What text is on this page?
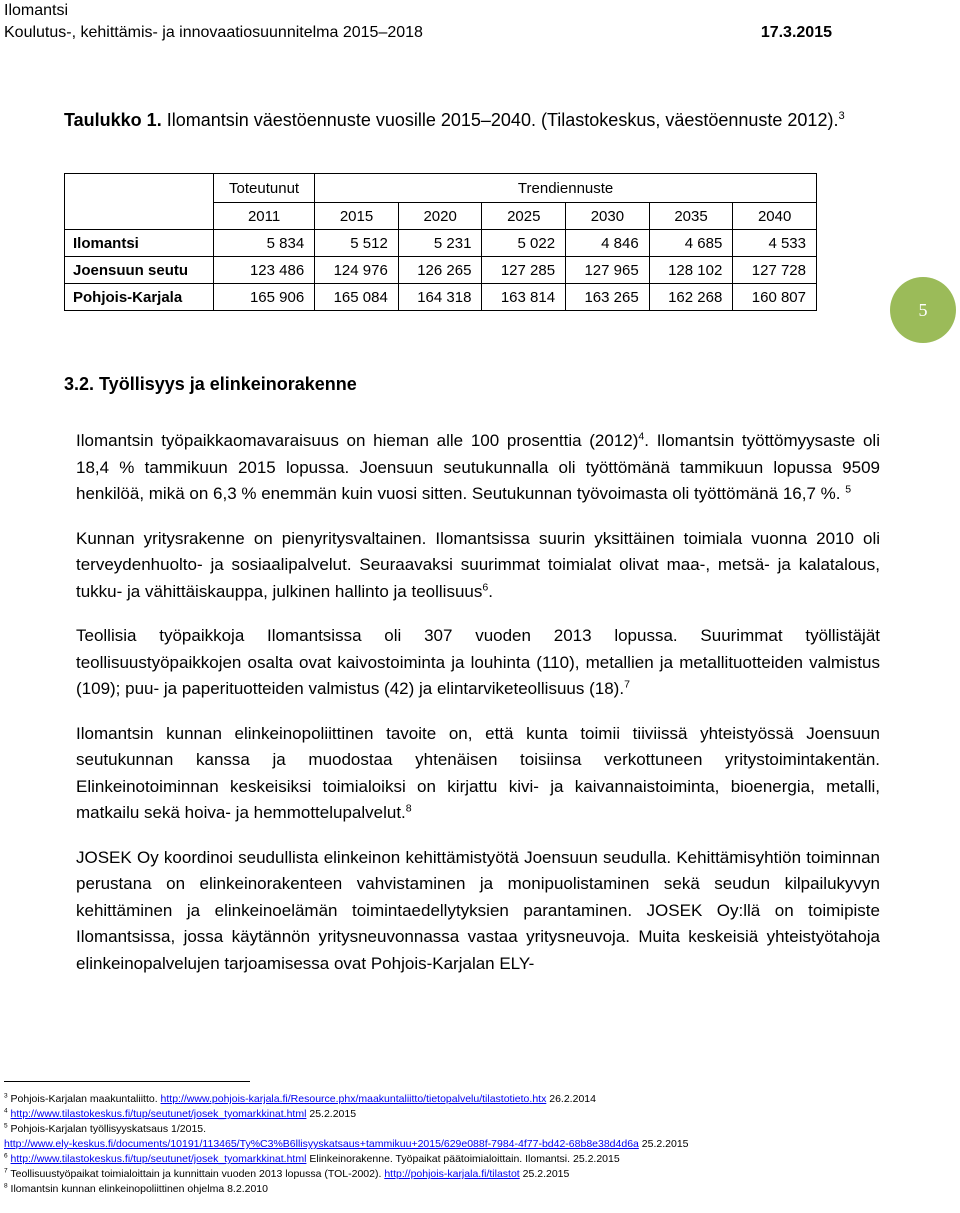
Ilomantsi
Koulutus-, kehittämis- ja innovaatiosuunnitelma 2015–2018	17.3.2015
Taulukko 1. Ilomantsin väestöennuste vuosille 2015–2040. (Tilastokeskus, väestöennuste 2012).$^3$
	Toteutunut	Trendiennuste					
	2011	2015	2020	2025	2030	2035	2040
Ilomantsi	5 834	5 512	5 231	5 022	4 846	4 685	4 533
Joensuun seutu	123 486	124 976	126 265	127 285	127 965	128 102	127 728
Pohjois-Karjala	165 906	165 084	164 318	163 814	163 265	162 268	160 807
5
3.2. Työllisyys ja elinkeinorakenne

Ilomantsin työpaikkaomavaraisuus on hieman alle 100 prosenttia $(2012)^4$. Ilomantsin työttömyysaste oli 18,4 % tammikuun 2015 lopussa. Joensuun seutukunnalla oli työttömänä tammikuun lopussa 9509 henkilöä, mikä on 6,3 % enemmän kuin vuosi sitten. Seutukunnan työvoimasta oli työttömänä 16,7 %. $^5$

Kunnan yritysrakenne on pienyritysvaltainen. Ilomantsissa suurin yksittäinen toimiala vuonna 2010 oli terveydenhuolto- ja sosiaalipalvelut. Seuraavaksi suurimmat toimialat olivat maa-, metsä- ja kalatalous, tukku- ja vähittäiskauppa, julkinen hallinto ja teollisuus$^6$.

Teollisia työpaikkoja Ilomantsissa oli 307 vuoden 2013 lopussa. Suurimmat työllistäjät teollisuustyöpaikkojen osalta ovat kaivostoiminta ja louhinta (110), metallien ja metallituotteiden valmistus (109); puu- ja paperituotteiden valmistus (42) ja elintarviketeollisuus (18).$^7$

Ilomantsin kunnan elinkeinopoliittinen tavoite on, että kunta toimii tiiviissä yhteistyössä Joensuun seutukunnan kanssa ja muodostaa yhtenäisen toisiinsa verkottuneen yritystoimintakentän. Elinkeinotoiminnan keskeisiksi toimialoiksi on kirjattu kivi- ja kaivannaistoiminta, bioenergia, metalli, matkailu sekä hoiva- ja hemmottelupalvelut.$^8$

JOSEK Oy koordinoi seudullista elinkeinon kehittämistyötä Joensuun seudulla. Kehittämisyhtiön toiminnan perustana on elinkeinorakenteen vahvistaminen ja monipuolistaminen sekä seudun kilpailukyvyn kehittäminen ja elinkeinoelämän toimintaedellytyksien parantaminen. JOSEK Oy:llä on toimipiste Ilomantsissa, jossa käytännön yritysneuvonnassa vastaa yritysneuvoja. Muita keskeisiä yhteistyötahoja elinkeinopalvelujen tarjoamisessa ovat Pohjois-Karjalan ELY-

$^3$ Pohjois-Karjalan maakuntaliitto. http://www.pohjois-karjala.fi/Resource.phx/maakuntaliitto/tietopalvelu/tilastotieto.htx 26.2.2014
$^4$ http://www.tilastokeskus.fi/tup/seutunet/josek_tyomarkkinat.html 25.2.2015
$^5$ Pohjois-Karjalan työllisyyskatsaus 1/2015.
http://www.ely-keskus.fi/documents/10191/113465/Ty%C3%B6llisyyskatsaus+tammikuu+2015/629e088f-7984-4f77-bd42-68b8e38d4d6a 25.2.2015
$^6$ http://www.tilastokeskus.fi/tup/seutunet/josek_tyomarkkinat.html Elinkeinorakenne. Työpaikat päätoimialoittain. Ilomantsi. 25.2.2015
$^7$ Teollisuustyöpaikat toimialoittain ja kunnittain vuoden 2013 lopussa (TOL-2002). http://pohjois-karjala.fi/tilastot 25.2.2015
$^8$ Ilomantsin kunnan elinkeinopoliittinen ohjelma 8.2.2010
